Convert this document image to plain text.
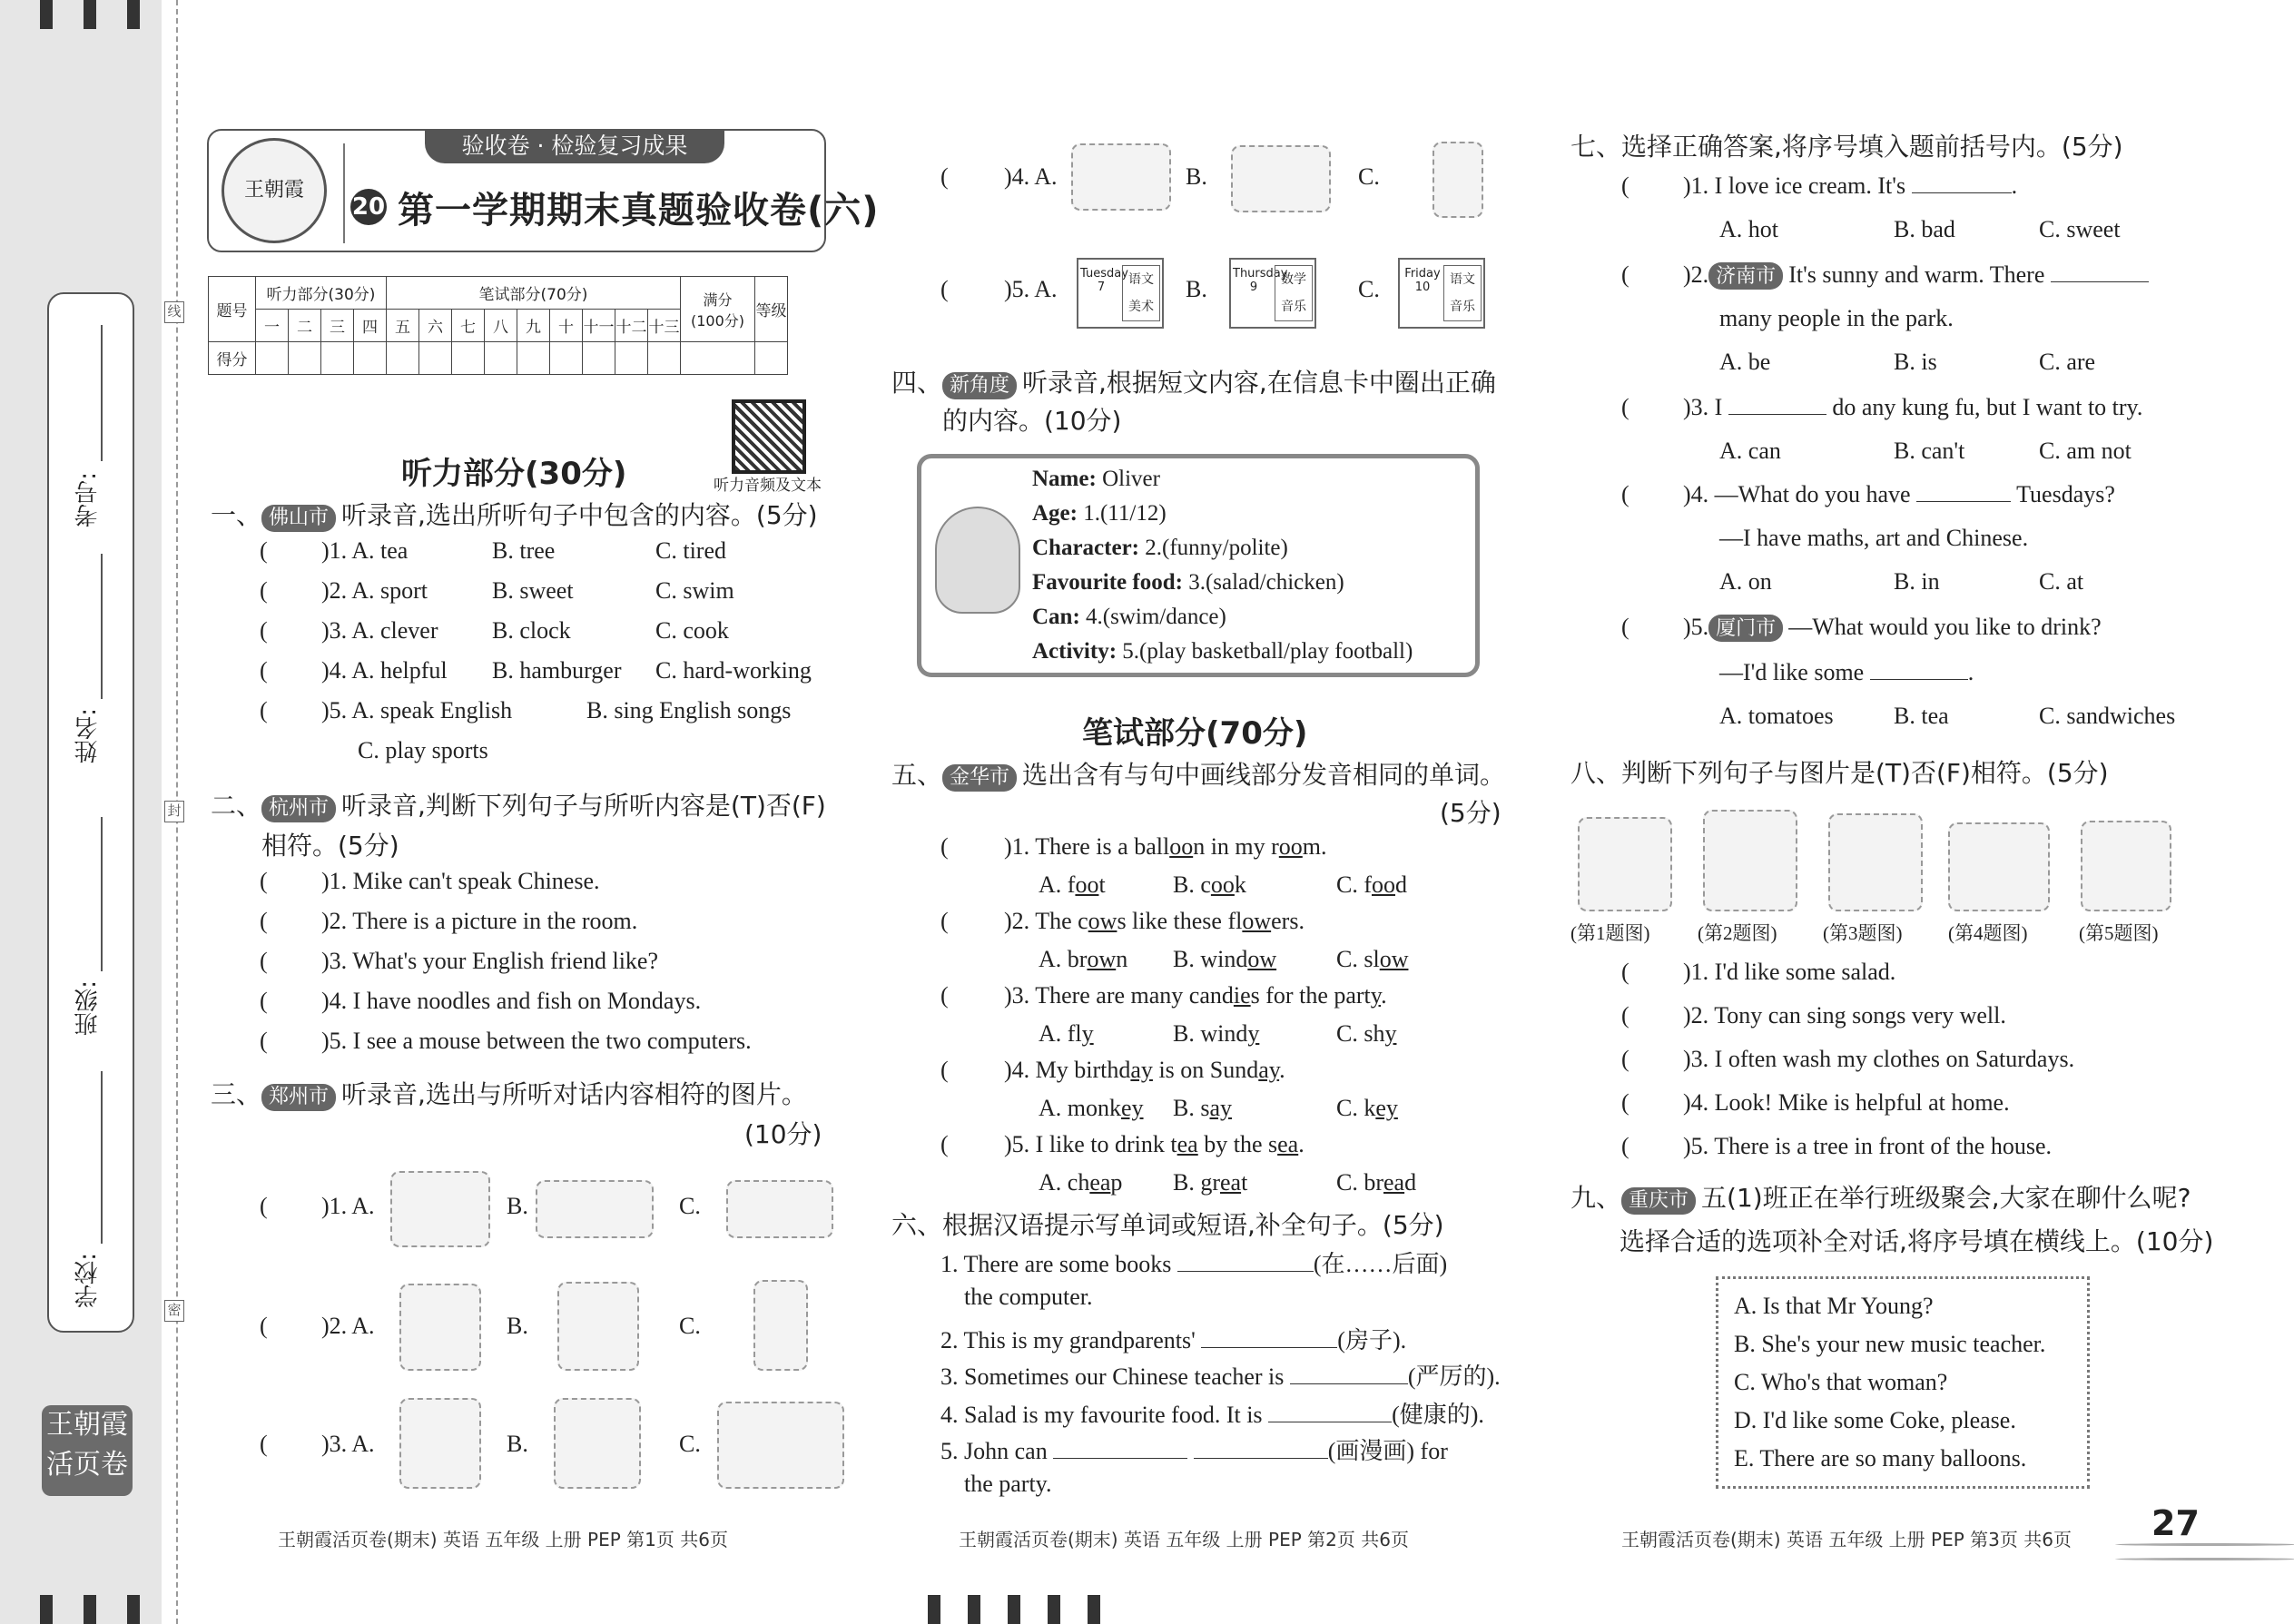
考号:
姓名:
班级:
学校:
线
封
密
王朝霞
活页卷
验收卷 · 检验复习成果
王朝霞
20 第一学期期末真题验收卷(六)
题号	听力部分(30分)				笔试部分(70分)									满分
(100分)	等级
	一	二	三	四	五	六	七	八	九	十	十一	十二	十三		
得分															
听力音频及文本
听力部分(30分)
一、 佛山市 听录音,选出所听句子中包含的内容。(5分)
( )1. A. tea	B. tree	C. tired
( )2. A. sport	B. sweet	C. swim
( )3. A. clever B. clock	C. cook
( )4. A. helpful B. hamburger C. hard-working
( )5. A. speak English	B. sing English songs
C. play sports
二、 杭州市 听录音,判断下列句子与所听内容是(T)否(F)
相符。(5分)
( )1. Mike can't speak Chinese.
( )2. There is a picture in the room.
( )3. What's your English friend like?
( )4. I have noodles and fish on Mondays.
( )5. I see a mouse between the two computers.
三、 郑州市 听录音,选出与所听对话内容相符的图片。
(10分)
( )1. A.	B.	C.
( )2. A.	B.	C.
( )3. A.	B.	C.
王朝霞活页卷(期末) 英语 五年级 上册 PEP 第1页 共6页
( )4. A.	B.	C.
( )5. A.
Tuesday
7
语文
美术
B.
Thursday
9
数学
音乐
C.
Friday
10
语文
音乐
四、 新角度 听录音,根据短文内容,在信息卡中圈出正确
的内容。(10分)
Name: Oliver
Age: 1.(11/12)
Character: 2.(funny/polite)
Favourite food: 3.(salad/chicken)
Can: 4.(swim/dance)
Activity: 5.(play basketball/play football)
笔试部分(70分)
五、 金华市 选出含有与句中画线部分发音相同的单词。
(5分)
( )1. There is a balloon in my room.
A. foot	B. cook	C. food
( )2. The cows like these flowers.
A. brown B. window	C. slow
( )3. There are many candies for the party.
A. fly	B. windy	C. shy
( )4. My birthday is on Sunday.
A. monkey B. say	C. key
( )5. I like to drink tea by the sea.
A. cheap B. great	C. bread
六、根据汉语提示写单词或短语,补全句子。(5分)
1. There are some books	(在……后面)
the computer.
2. This is my grandparents'	(房子).
3. Sometimes our Chinese teacher is	(严厉的).
4. Salad is my favourite food. It is	(健康的).
5. John can	(画漫画) for
the party.
王朝霞活页卷(期末) 英语 五年级 上册 PEP 第2页 共6页
七、选择正确答案,将序号填入题前括号内。(5分)
( )1. I love ice cream. It's	.
A. hot	B. bad	C. sweet
( )2. 济南市 It's sunny and warm. There
many people in the park.
A. be	B. is	C. are
( )3. I	do any kung fu, but I want to try.
A. can	B. can't	C. am not
( )4. —What do you have	Tuesdays?
—I have maths, art and Chinese.
A. on	B. in	C. at
( )5. 厦门市 —What would you like to drink?
—I'd like some	.
A. tomatoes	B. tea	C. sandwiches
八、判断下列句子与图片是(T)否(F)相符。(5分)
(第1题图)	(第2题图) (第3题图) (第4题图)	(第5题图)
( )1. I'd like some salad.
( )2. Tony can sing songs very well.
( )3. I often wash my clothes on Saturdays.
( )4. Look! Mike is helpful at home.
( )5. There is a tree in front of the house.
九、 重庆市 五(1)班正在举行班级聚会,大家在聊什么呢?
选择合适的选项补全对话,将序号填在横线上。(10分)
A. Is that Mr Young?
B. She's your new music teacher.
C. Who's that woman?
D. I'd like some Coke, please.
E. There are so many balloons.
王朝霞活页卷(期末) 英语 五年级 上册 PEP 第3页 共6页 27
